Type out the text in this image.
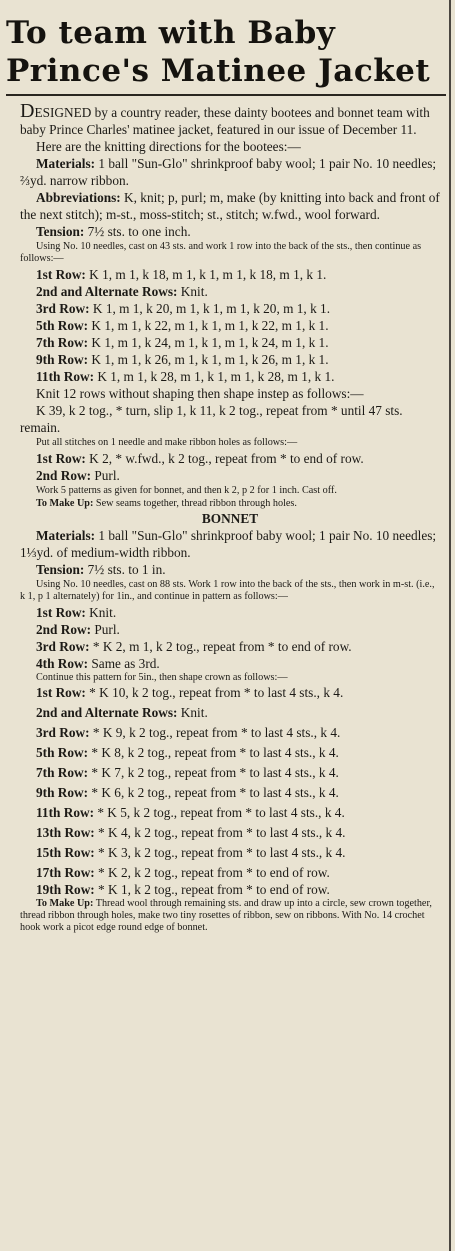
To team with Baby
Prince's Matinee Jacket

DESIGNED by a country reader, these dainty bootees and bonnet team with baby Prince Charles' matinee jacket, featured in our issue of December 11.

Here are the knitting directions for the bootees:—

Materials: 1 ball "Sun-Glo" shrinkproof baby wool; 1 pair No. 10 needles; ⅔yd. narrow ribbon.

Abbreviations: K, knit; p, purl; m, make (by knitting into back and front of the next stitch); m-st., moss-stitch; st., stitch; w.fwd., wool forward.

Tension: 7½ sts. to one inch.

Using No. 10 needles, cast on 43 sts. and work 1 row into the back of the sts., then continue as follows:—

1st Row: K 1, m 1, k 18, m 1, k 1, m 1, k 18, m 1, k 1.

2nd and Alternate Rows: Knit.

3rd Row: K 1, m 1, k 20, m 1, k 1, m 1, k 20, m 1, k 1.

5th Row: K 1, m 1, k 22, m 1, k 1, m 1, k 22, m 1, k 1.

7th Row: K 1, m 1, k 24, m 1, k 1, m 1, k 24, m 1, k 1.

9th Row: K 1, m 1, k 26, m 1, k 1, m 1, k 26, m 1, k 1.

11th Row: K 1, m 1, k 28, m 1, k 1, m 1, k 28, m 1, k 1.

Knit 12 rows without shaping then shape instep as follows:—

K 39, k 2 tog., * turn, slip 1, k 11, k 2 tog., repeat from * until 47 sts. remain.

Put all stitches on 1 needle and make ribbon holes as follows:—

1st Row: K 2, * w.fwd., k 2 tog., repeat from * to end of row.

2nd Row: Purl.

Work 5 patterns as given for bonnet, and then k 2, p 2 for 1 inch. Cast off.

To Make Up: Sew seams together, thread ribbon through holes.

BONNET

Materials: 1 ball "Sun-Glo" shrinkproof baby wool; 1 pair No. 10 needles; 1⅓yd. of medium-width ribbon.

Tension: 7½ sts. to 1 in.

Using No. 10 needles, cast on 88 sts. Work 1 row into the back of the sts., then work in m-st. (i.e., k 1, p 1 alternately) for 1in., and continue in pattern as follows:—

1st Row: Knit.

2nd Row: Purl.

3rd Row: * K 2, m 1, k 2 tog., repeat from * to end of row.

4th Row: Same as 3rd.

Continue this pattern for 5in., then shape crown as follows:—

1st Row: * K 10, k 2 tog., repeat from * to last 4 sts., k 4.

2nd and Alternate Rows: Knit.

3rd Row: * K 9, k 2 tog., repeat from * to last 4 sts., k 4.

5th Row: * K 8, k 2 tog., repeat from * to last 4 sts., k 4.

7th Row: * K 7, k 2 tog., repeat from * to last 4 sts., k 4.

9th Row: * K 6, k 2 tog., repeat from * to last 4 sts., k 4.

11th Row: * K 5, k 2 tog., repeat from * to last 4 sts., k 4.

13th Row: * K 4, k 2 tog., repeat from * to last 4 sts., k 4.

15th Row: * K 3, k 2 tog., repeat from * to last 4 sts., k 4.

17th Row: * K 2, k 2 tog., repeat from * to end of row.

19th Row: * K 1, k 2 tog., repeat from * to end of row.

To Make Up: Thread wool through remaining sts. and draw up into a circle, sew crown together, thread ribbon through holes, make two tiny rosettes of ribbon, sew on ribbons. With No. 14 crochet hook work a picot edge round edge of bonnet.
